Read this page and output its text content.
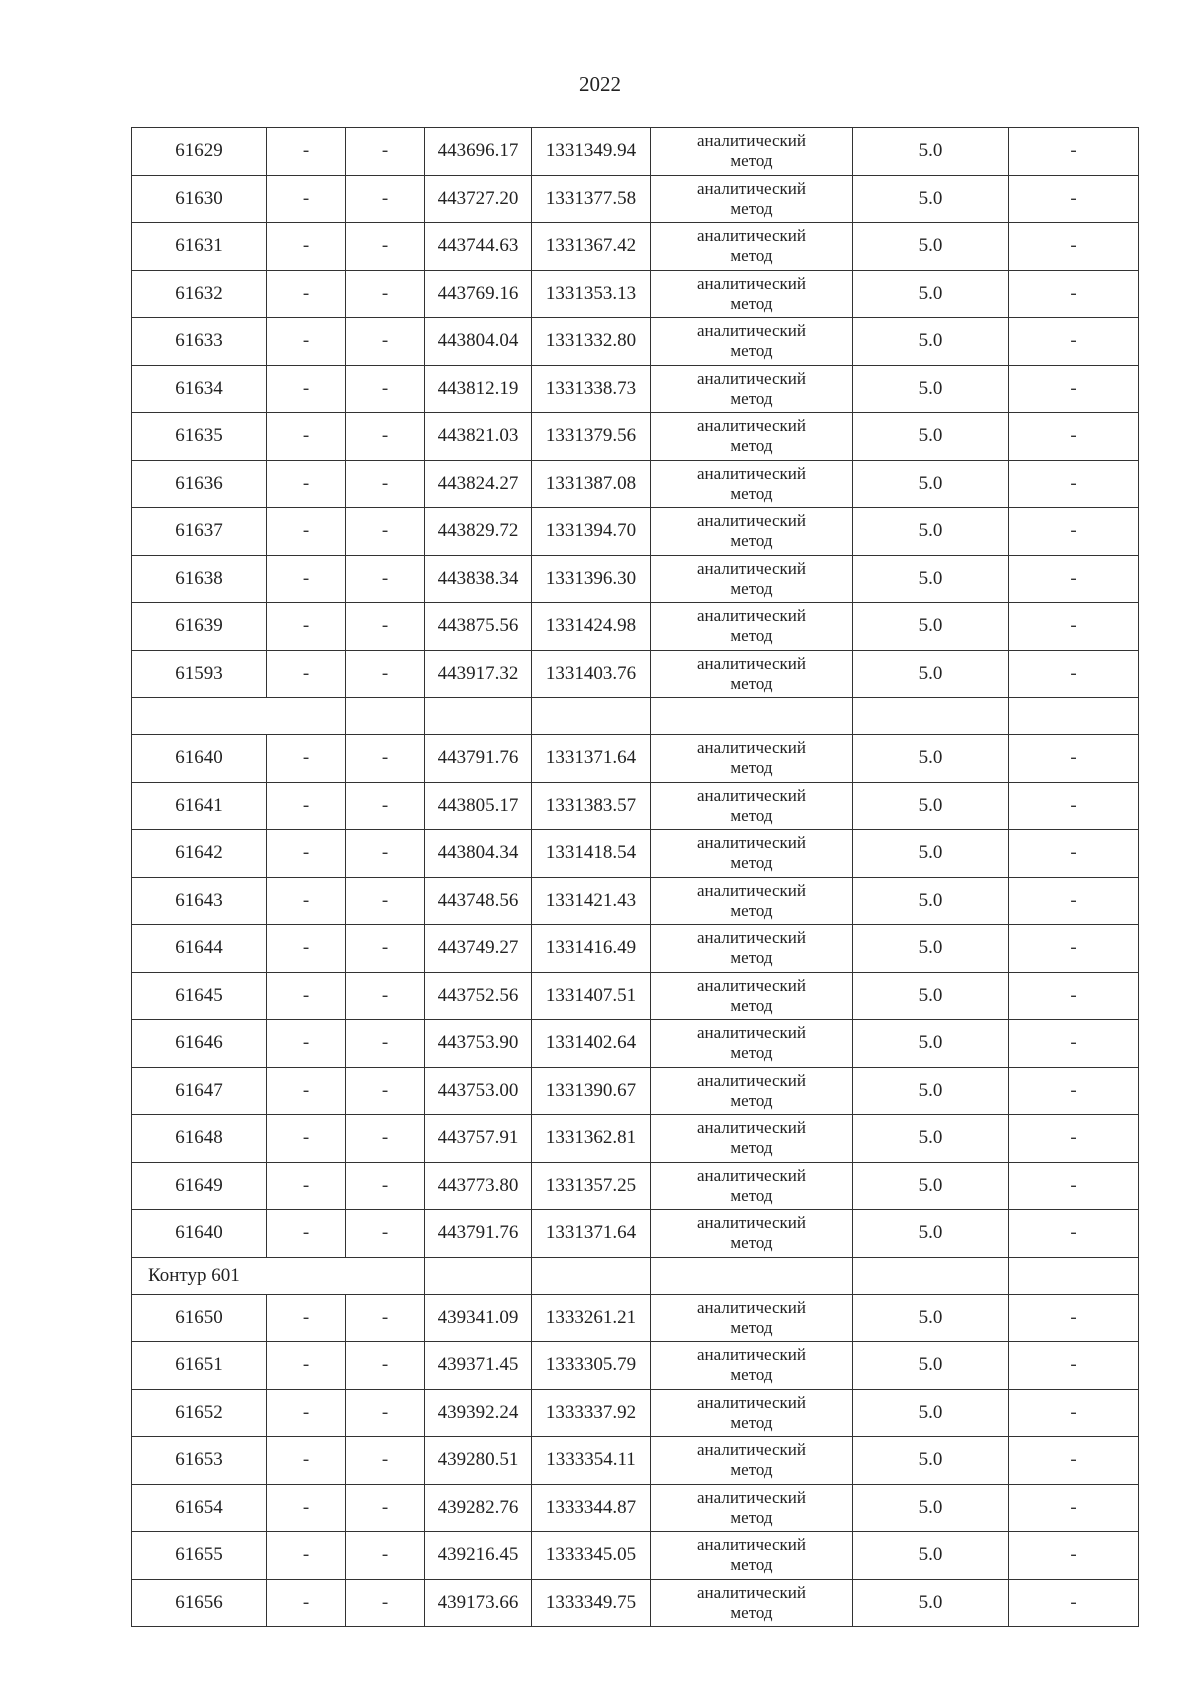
2022
61629	-	-	443696.17	1331349.94	аналитический
метод	5.0	-
61630	-	-	443727.20	1331377.58	аналитический
метод	5.0	-
61631	-	-	443744.63	1331367.42	аналитический
метод	5.0	-
61632	-	-	443769.16	1331353.13	аналитический
метод	5.0	-
61633	-	-	443804.04	1331332.80	аналитический
метод	5.0	-
61634	-	-	443812.19	1331338.73	аналитический
метод	5.0	-
61635	-	-	443821.03	1331379.56	аналитический
метод	5.0	-
61636	-	-	443824.27	1331387.08	аналитический
метод	5.0	-
61637	-	-	443829.72	1331394.70	аналитический
метод	5.0	-
61638	-	-	443838.34	1331396.30	аналитический
метод	5.0	-
61639	-	-	443875.56	1331424.98	аналитический
метод	5.0	-
61593	-	-	443917.32	1331403.76	аналитический
метод	5.0	-

61640	-	-	443791.76	1331371.64	аналитический
метод	5.0	-
61641	-	-	443805.17	1331383.57	аналитический
метод	5.0	-
61642	-	-	443804.34	1331418.54	аналитический
метод	5.0	-
61643	-	-	443748.56	1331421.43	аналитический
метод	5.0	-
61644	-	-	443749.27	1331416.49	аналитический
метод	5.0	-
61645	-	-	443752.56	1331407.51	аналитический
метод	5.0	-
61646	-	-	443753.90	1331402.64	аналитический
метод	5.0	-
61647	-	-	443753.00	1331390.67	аналитический
метод	5.0	-
61648	-	-	443757.91	1331362.81	аналитический
метод	5.0	-
61649	-	-	443773.80	1331357.25	аналитический
метод	5.0	-
61640	-	-	443791.76	1331371.64	аналитический
метод	5.0	-
Контур 601							
61650	-	-	439341.09	1333261.21	аналитический
метод	5.0	-
61651	-	-	439371.45	1333305.79	аналитический
метод	5.0	-
61652	-	-	439392.24	1333337.92	аналитический
метод	5.0	-
61653	-	-	439280.51	1333354.11	аналитический
метод	5.0	-
61654	-	-	439282.76	1333344.87	аналитический
метод	5.0	-
61655	-	-	439216.45	1333345.05	аналитический
метод	5.0	-
61656	-	-	439173.66	1333349.75	аналитический
метод	5.0	-
